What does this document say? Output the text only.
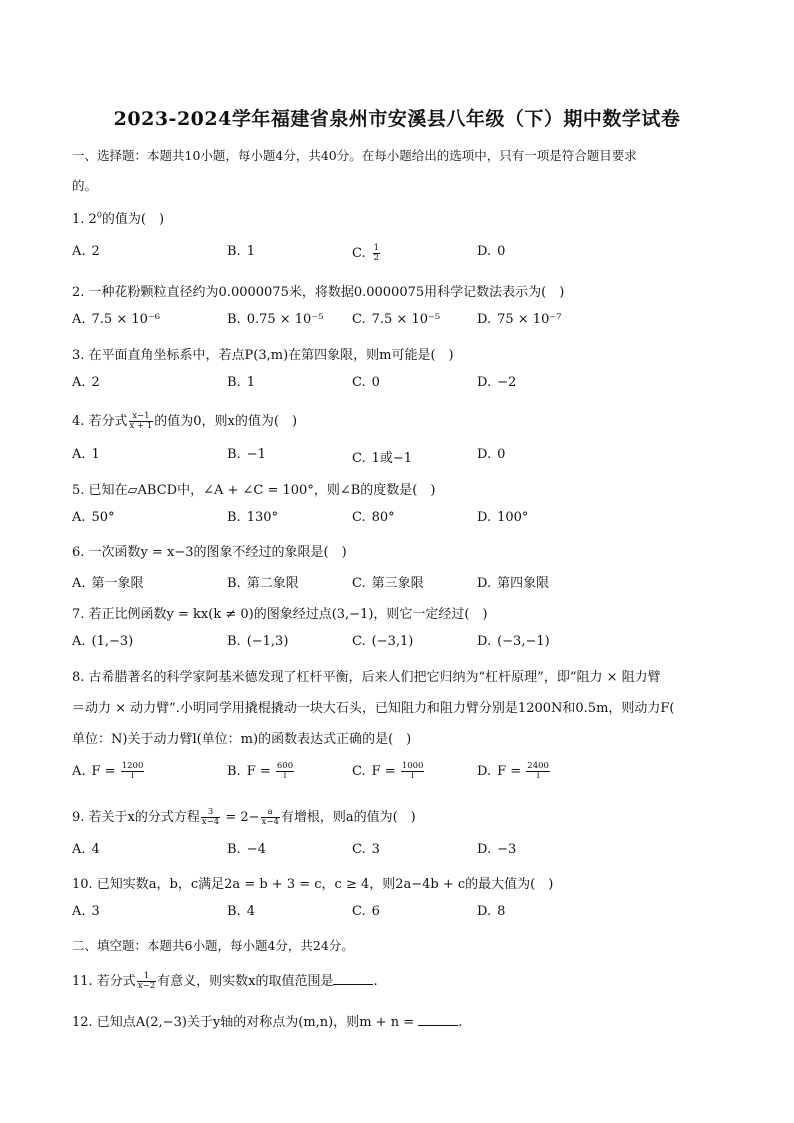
2023-2024学年福建省泉州市安溪县八年级（下）期中数学试卷
一、选择题：本题共10小题，每小题4分，共40分。在每小题给出的选项中，只有一项是符合题目要求
的。
1. $2^0$的值为(　)
A. 2	B. 1	C. $\frac{1}{2}$	D. 0
2. 一种花粉颗粒直径约为0.0000075米，将数据0.0000075用科学记数法表示为(　)
A. 7.5 × 10⁻⁶	B. 0.75 × 10⁻⁵ C. 7.5 × 10⁻⁵	D. 75 × 10⁻⁷
3. 在平面直角坐标系中，若点P(3,m)在第四象限，则m可能是(　)
A. 2	B. 1	C. 0	D. −2
4. 若分式 $\frac{x-1}{x + 1}$ 的值为0，则x的值为(　)
A. 1	B. −1	C. 1或−1	D. 0
5. 已知在▱ABCD中，∠A + ∠C = 100°，则∠B的度数是(　)
A. 50°	B. 130°	C. 80°	D. 100°
6. 一次函数y = x−3的图象不经过的象限是(　)
A. 第一象限	B. 第二象限	C. 第三象限	D. 第四象限
7. 若正比例函数y = kx(k ≠ 0)的图象经过点(3,−1)，则它一定经过(　)
A. (1,−3)	B. (−1,3)	C. (−3,1)	D. (−3,−1)
8. 古希腊著名的科学家阿基米德发现了杠杆平衡，后来人们把它归纳为“杠杆原理”，即“阻力 × 阻力臂
＝动力 × 动力臂”.小明同学用撬棍撬动一块大石头，已知阻力和阻力臂分别是1200N和0.5m，则动力F(
单位：N)关于动力臂l(单位：m)的函数表达式正确的是(　)
A. $F = \frac{1200}{l}$	B. $F = \frac{600}{l}$	C. $F = \frac{1000}{l}$	D. $F = \frac{2400}{l}$
9. 若关于x的分式方程 $\frac{3}{x-4} = 2- \frac{a}{x-4}$ 有增根，则a的值为(　)
A. 4	B. −4	C. 3	D. −3
10. 已知实数a，b，c满足2a = b + 3 = c，c ≥ 4，则2a−4b + c的最大值为(　)
A. 3	B. 4	C. 6	D. 8
二、填空题：本题共6小题，每小题4分，共24分。
11. 若分式 $\frac{1}{x-2}$ 有意义，则实数x的取值范围是	.
12. 已知点A(2,−3)关于y轴的对称点为(m,n)，则m + n =	.
